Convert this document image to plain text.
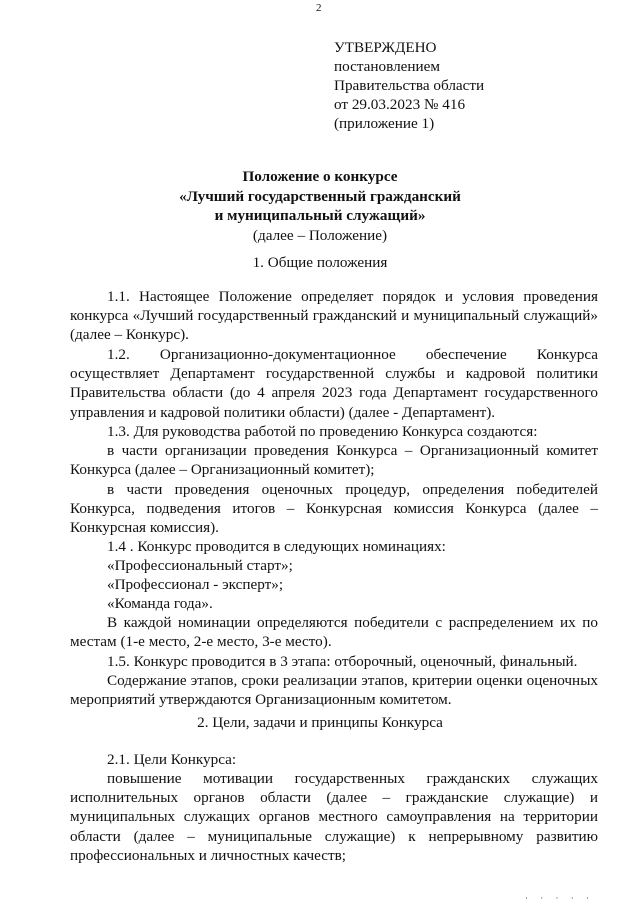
2
УТВЕРЖДЕНО
постановлением
Правительства области
от 29.03.2023 № 416
(приложение 1)
Положение о конкурсе
«Лучший государственный гражданский
и муниципальный служащий»
(далее – Положение)
1. Общие положения
1.1. Настоящее Положение определяет порядок и условия проведения конкурса «Лучший государственный гражданский и муниципальный служащий» (далее – Конкурс).
1.2. Организационно-документационное обеспечение Конкурса осуществляет Департамент государственной службы и кадровой политики Правительства области (до 4 апреля 2023 года Департамент государственного управления и кадровой политики области) (далее - Департамент).
1.3. Для руководства работой по проведению Конкурса создаются:
в части организации проведения Конкурса – Организационный комитет Конкурса (далее – Организационный комитет);
в части проведения оценочных процедур, определения победителей Конкурса, подведения итогов – Конкурсная комиссия Конкурса (далее –Конкурсная комиссия).
1.4 . Конкурс проводится в следующих номинациях:
«Профессиональный старт»;
«Профессионал - эксперт»;
«Команда года».
В каждой номинации определяются победители с распределением их по местам (1-е место, 2-е место, 3-е место).
1.5. Конкурс проводится в 3 этапа: отборочный, оценочный, финальный.
Содержание этапов, сроки реализации этапов, критерии оценки оценочных мероприятий утверждаются Организационным комитетом.
2. Цели, задачи и принципы Конкурса
2.1. Цели Конкурса:
повышение мотивации государственных гражданских служащих исполнительных органов области (далее – гражданские служащие) и муниципальных служащих органов местного самоуправления на территории области (далее – муниципальные служащие) к непрерывному развитию профессиональных и личностных качеств;
· · · · ·
